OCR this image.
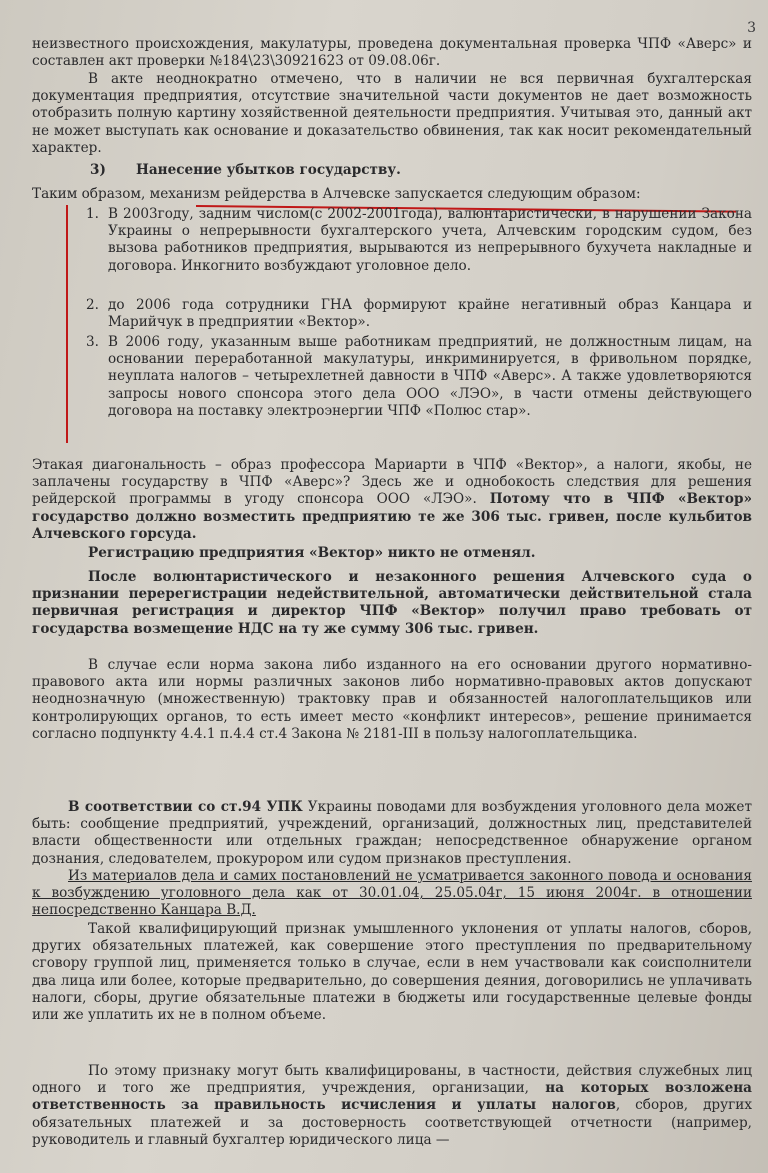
3

неизвестного происхождения, макулатуры, проведена документальная проверка ЧПФ «Аверс» и составлен акт проверки №184\23\30921623 от 09.08.06г.

В акте неоднократно отмечено, что в наличии не вся первичная бухгалтерская документация предприятия, отсутствие значительной части документов не дает возможность отобразить полную картину хозяйственной деятельности предприятия. Учитывая это, данный акт не может выступать как основание и доказательство обвинения, так как носит рекомендательный характер.

3) Нанесение убытков государству.

Таким образом, механизм рейдерства в Алчевске запускается следующим образом:

1. В 2003году, задним числом(с 2002-2001года), валюнтаристически, в нарушении Закона Украины о непрерывности бухгалтерского учета, Алчевским городским судом, без вызова работников предприятия, вырываются из непрерывного бухучета накладные и договора. Инкогнито возбуждают уголовное дело.

2. до 2006 года сотрудники ГНА формируют крайне негативный образ Канцара и Марийчук в предприятии «Вектор».

3. В 2006 году, указанным выше работникам предприятий, не должностным лицам, на основании переработанной макулатуры, инкриминируется, в фривольном порядке, неуплата налогов – четырехлетней давности в ЧПФ «Аверс». А также удовлетворяются запросы нового спонсора этого дела ООО «ЛЭО», в части отмены действующего договора на поставку электроэнергии ЧПФ «Полюс стар».

Этакая диагональность – образ профессора Мариарти в ЧПФ «Вектор», а налоги, якобы, не заплачены государству в ЧПФ «Аверс»? Здесь же и однобокость следствия для решения рейдерской программы в угоду спонсора ООО «ЛЭО». Потому что в ЧПФ «Вектор» государство должно возместить предприятию те же 306 тыс. гривен, после кульбитов Алчевского горсуда.

Регистрацию предприятия «Вектор» никто не отменял.

После волюнтаристического и незаконного решения Алчевского суда о признании перерегистрации недействительной, автоматически действительной стала первичная регистрация и директор ЧПФ «Вектор» получил право требовать от государства возмещение НДС на ту же сумму 306 тыс. гривен.

В случае если норма закона либо изданного на его основании другого нормативно-правового акта или нормы различных законов либо нормативно-правовых актов допускают неоднозначную (множественную) трактовку прав и обязанностей налогоплательщиков или контролирующих органов, то есть имеет место «конфликт интересов», решение принимается согласно подпункту 4.4.1 п.4.4 ст.4 Закона № 2181-III в пользу налогоплательщика.

В соответствии со ст.94 УПК Украины поводами для возбуждения уголовного дела может быть: сообщение предприятий, учреждений, организаций, должностных лиц, представителей власти общественности или отдельных граждан; непосредственное обнаружение органом дознания, следователем, прокурором или судом признаков преступления.

Из материалов дела и самих постановлений не усматривается законного повода и основания к возбуждению уголовного дела как от 30.01.04, 25.05.04г, 15 июня 2004г. в отношении непосредственно Канцара В.Д.

Такой квалифицирующий признак умышленного уклонения от уплаты налогов, сборов, других обязательных платежей, как совершение этого преступления по предварительному сговору группой лиц, применяется только в случае, если в нем участвовали как соисполнители два лица или более, которые предварительно, до совершения деяния, договорились не уплачивать налоги, сборы, другие обязательные платежи в бюджеты или государственные целевые фонды или же уплатить их не в полном объеме.

По этому признаку могут быть квалифицированы, в частности, действия служебных лиц одного и того же предприятия, учреждения, организации, на которых возложена ответственность за правильность исчисления и уплаты налогов, сборов, других обязательных платежей и за достоверность соответствующей отчетности (например, руководитель и главный бухгалтер юридического лица —
